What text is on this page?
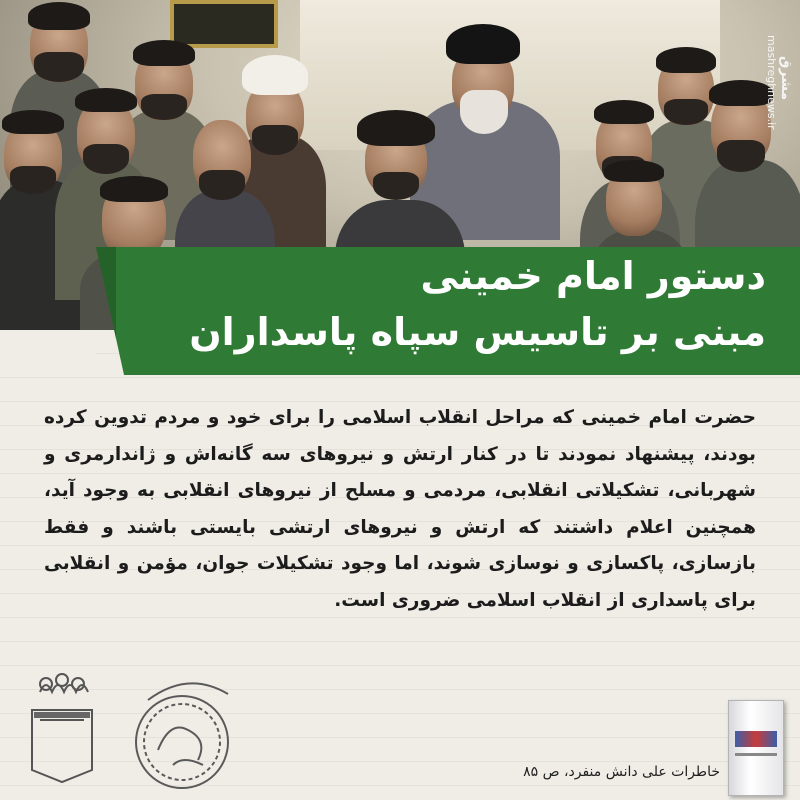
مشرق
mashreghnews.ir
دستور امام خمینی
مبنی بر تاسیس سپاه پاسداران
حضرت امام خمینی که مراحل انقلاب اسلامی را برای خود و مردم تدوین کرده بودند، پیشنهاد نمودند تا در کنار ارتش و نیروهای سه گانه‌اش و ژاندارمری و شهربانی، تشکیلاتی انقلابی، مردمی و مسلح از نیروهای انقلابی به وجود آید، همچنین اعلام داشتند که ارتش و نیروهای ارتشی بایستی باشند و فقط بازسازی، پاکسازی و نوسازی شوند، اما وجود تشکیلات جوان، مؤمن و انقلابی برای پاسداری از انقلاب اسلامی ضروری است.
خاطرات علی دانش منفرد، ص ۸۵
